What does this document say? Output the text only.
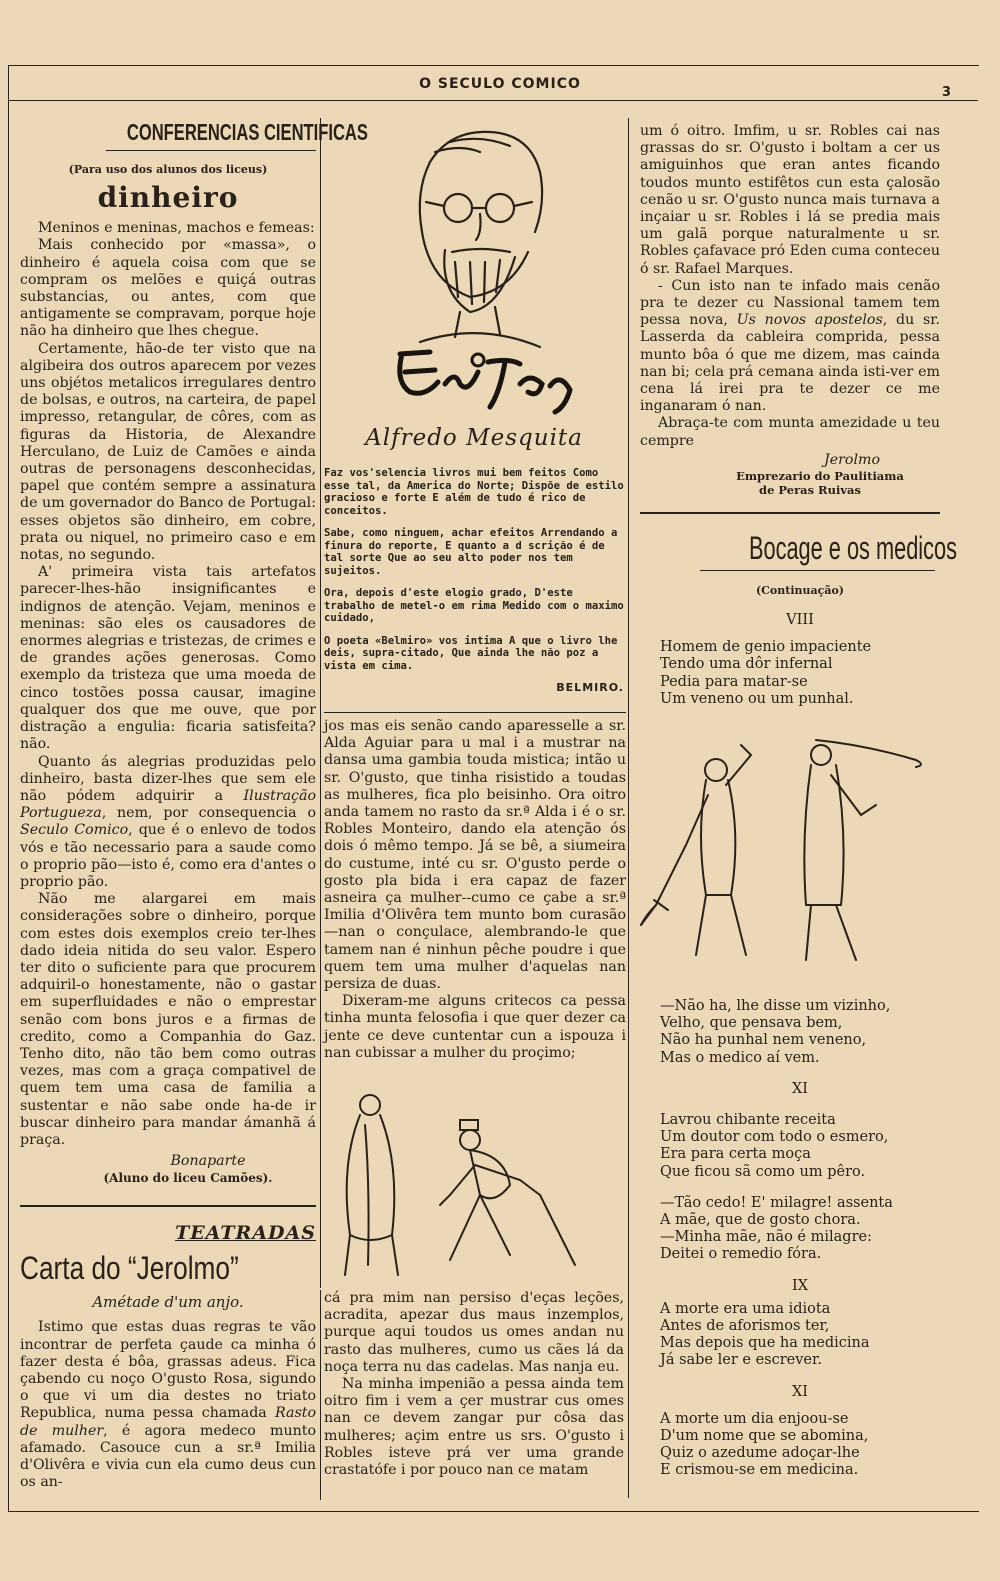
O SECULO COMICO
3
CONFERENCIAS CIENTIFICAS
(Para uso dos alunos dos liceus)
dinheiro

Meninos e meninas, machos e femeas:

Mais conhecido por «massa», o dinheiro é aquela coisa com que se compram os melões e quiçá outras substancias, ou antes, com que antigamente se compravam, porque hoje não ha dinheiro que lhes chegue.

Certamente, hão-de ter visto que na algibeira dos outros aparecem por vezes uns objétos metalicos irregulares dentro de bolsas, e outros, na carteira, de papel impresso, retangular, de côres, com as figuras da Historia, de Alexandre Herculano, de Luiz de Camões e ainda outras de personagens desconhecidas, papel que contém sempre a assinatura de um governador do Banco de Portugal: esses objetos são dinheiro, em cobre, prata ou niquel, no primeiro caso e em notas, no segundo.

A' primeira vista tais artefatos parecer-lhes-hão insignificantes e indignos de atenção. Vejam, meninos e meninas: são eles os causadores de enormes alegrias e tristezas, de crimes e de grandes ações generosas. Como exemplo da tristeza que uma moeda de cinco tostões possa causar, imagine qualquer dos que me ouve, que por distração a engulia: ficaria satisfeita? não.

Quanto ás alegrias produzidas pelo dinheiro, basta dizer-lhes que sem ele não pódem adquirir a Ilustração Portugueza, nem, por consequencia o Seculo Comico, que é o enlevo de todos vós e tão necessario para a saude como o proprio pão—isto é, como era d'antes o proprio pão.

Não me alargarei em mais considerações sobre o dinheiro, porque com estes dois exemplos creio ter-lhes dado ideia nitida do seu valor. Espero ter dito o suficiente para que procurem adquiril-o honestamente, não o gastar em superfluidades e não o emprestar senão com bons juros e a firmas de credito, como a Companhia do Gaz. Tenho dito, não tão bem como outras vezes, mas com a graça compativel de quem tem uma casa de familia a sustentar e não sabe onde ha-de ir buscar dinheiro para mandar ámanhã á praça.

Bonaparte
(Aluno do liceu Camões).
TEATRADAS
Carta do “Jerolmo”
Amétade d'um anjo.

Istimo que estas duas regras te vão incontrar de perfeta çaude ca minha ó fazer desta é bôa, grassas adeus. Fica çabendo cu noço O'gusto Rosa, sigundo o que vi um dia destes no triato Republica, numa pessa chamada Rasto de mulher, é agora medeco munto afamado. Casouce cun a sr.ª Imilia d'Olivêra e vivia cun ela cumo deus cun os an-

Alfredo Mesquita

Faz vos'selencia livros mui bem feitos Como esse tal, da America do Norte; Dispõe de estilo gracioso e forte E além de tudo é rico de conceitos.

Sabe, como ninguem, achar efeitos Arrendando a finura do reporte, E quanto a d scrição é de tal sorte Que ao seu alto poder nos tem sujeitos.

Ora, depois d'este elogio grado, D'este trabalho de metel-o em rima Medido com o maximo cuidado,

O poeta «Belmiro» vos intima A que o livro lhe deis, supra-citado, Que ainda lhe não poz a vista em cima.

BELMIRO.

jos mas eis senão cando aparesselle a sr. Alda Aguiar para u mal i a mustrar na dansa uma gambia touda mistica; intão u sr. O'gusto, que tinha risistido a toudas as mulheres, fica plo beisinho. Ora oitro anda tamem no rasto da sr.ª Alda i é o sr. Robles Monteiro, dando ela atenção ós dois ó mêmo tempo. Já se bê, a siumeira do custume, inté cu sr. O'gusto perde o gosto pla bida i era capaz de fazer asneira ça mulher--cumo ce çabe a sr.ª Imilia d'Olivêra tem munto bom curasão—nan o conçulace, alembrando-le que tamem nan é ninhun pêche poudre i que quem tem uma mulher d'aquelas nan persiza de duas.

Dixeram-me alguns critecos ca pessa tinha munta felosofia i que quer dezer ca jente ce deve cuntentar cun a ispouza i nan cubissar a mulher du proçimo;

cá pra mim nan persiso d'eças leções, acradita, apezar dus maus inzemplos, purque aqui toudos us omes andan nu rasto das mulheres, cumo us cães lá da noça terra nu das cadelas. Mas nanja eu.

Na minha impenião a pessa ainda tem oitro fim i vem a çer mustrar cus omes nan ce devem zangar pur côsa das mulheres; açim entre us srs. O'gusto i Robles isteve prá ver uma grande crastatófe i por pouco nan ce matam

um ó oitro. Imfim, u sr. Robles cai nas grassas do sr. O'gusto i boltam a cer us amiguinhos que eran antes ficando toudos munto estifêtos cun esta çalosão cenão u sr. O'gusto nunca mais turnava a inçaiar u sr. Robles i lá se predia mais um galã porque naturalmente u sr. Robles çafavace pró Eden cuma conteceu ó sr. Rafael Marques.

- Cun isto nan te infado mais cenão pra te dezer cu Nassional tamem tem pessa nova, Us novos apostelos, du sr. Lasserda da cableira comprida, pessa munto bôa ó que me dizem, mas cainda nan bi; cela prá cemana ainda isti-ver em cena lá irei pra te dezer ce me inganaram ó nan.

Abraça-te com munta amezidade u teu cempre

Jerolmo
Emprezario do Paulitiama
de Peras Ruivas
Bocage e os medicos
(Continuação)
VIII
Homem de genio impaciente
Tendo uma dôr infernal
Pedia para matar-se
Um veneno ou um punhal.
—Não ha, lhe disse um vizinho,
Velho, que pensava bem,
Não ha punhal nem veneno,
Mas o medico aí vem.
XI
Lavrou chibante receita
Um doutor com todo o esmero,
Era para certa moça
Que ficou sã como um pêro.
—Tão cedo! E' milagre! assenta
A mãe, que de gosto chora.
—Minha mãe, não é milagre:
Deitei o remedio fóra.
IX
A morte era uma idiota
Antes de aforismos ter,
Mas depois que ha medicina
Já sabe ler e escrever.
XI
A morte um dia enjoou-se
D'um nome que se abomina,
Quiz o azedume adoçar-lhe
E crismou-se em medicina.
